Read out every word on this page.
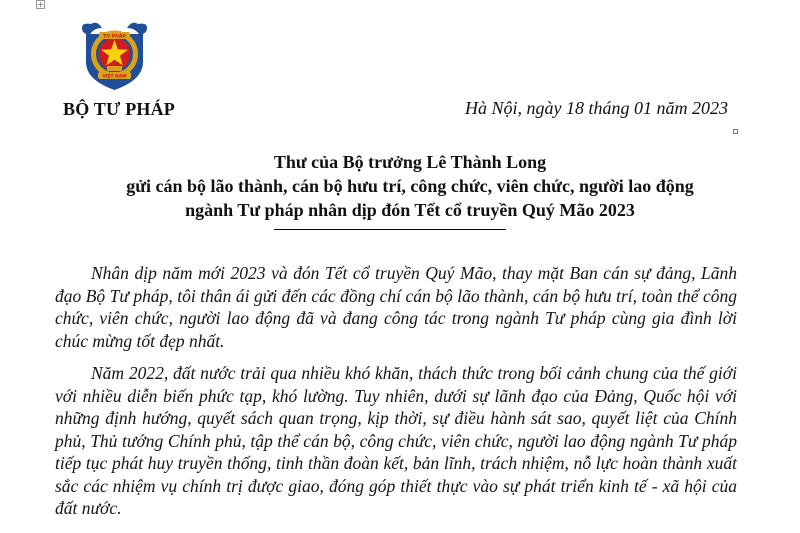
+
TƯ PHÁP
VIỆT NAM
BỘ TƯ PHÁP	Hà Nội, ngày 18 tháng 01 năm 2023
Thư của Bộ trưởng Lê Thành Long
gửi cán bộ lão thành, cán bộ hưu trí, công chức, viên chức, người lao động
ngành Tư pháp nhân dịp đón Tết cổ truyền Quý Mão 2023

Nhân dịp năm mới 2023 và đón Tết cổ truyền Quý Mão, thay mặt Ban cán sự đảng, Lãnh đạo Bộ Tư pháp, tôi thân ái gửi đến các đồng chí cán bộ lão thành, cán bộ hưu trí, toàn thể công chức, viên chức, người lao động đã và đang công tác trong ngành Tư pháp cùng gia đình lời chúc mừng tốt đẹp nhất.

Năm 2022, đất nước trải qua nhiều khó khăn, thách thức trong bối cảnh chung của thế giới với nhiều diễn biến phức tạp, khó lường. Tuy nhiên, dưới sự lãnh đạo của Đảng, Quốc hội với những định hướng, quyết sách quan trọng, kịp thời, sự điều hành sát sao, quyết liệt của Chính phủ, Thủ tướng Chính phủ, tập thể cán bộ, công chức, viên chức, người lao động ngành Tư pháp tiếp tục phát huy truyền thống, tinh thần đoàn kết, bản lĩnh, trách nhiệm, nỗ lực hoàn thành xuất sắc các nhiệm vụ chính trị được giao, đóng góp thiết thực vào sự phát triển kinh tế - xã hội của đất nước.
